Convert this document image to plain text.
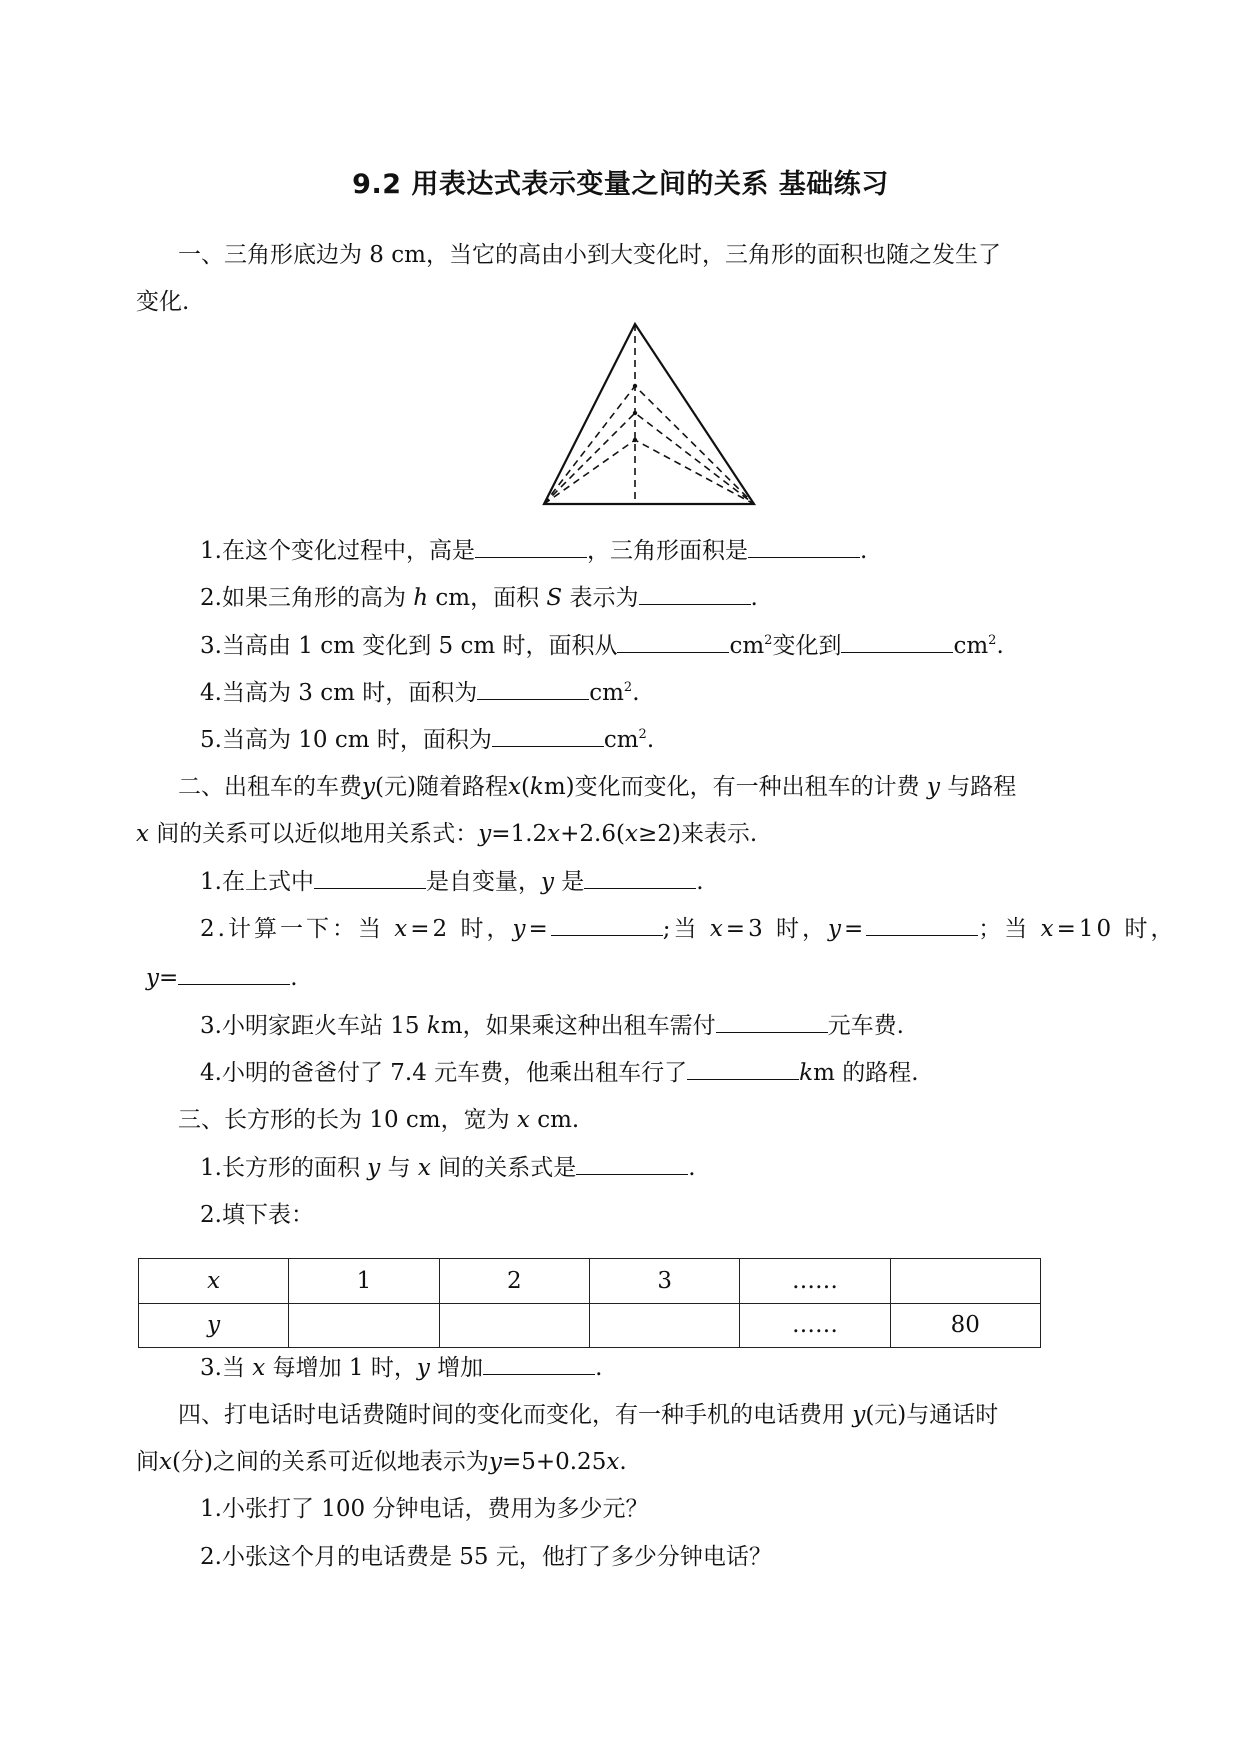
9.2 用表达式表示变量之间的关系 基础练习
一、三角形底边为 8 cm，当它的高由小到大变化时，三角形的面积也随之发生了
变化.
1.在这个变化过程中，高是	，三角形面积是	.
2.如果三角形的高为 h cm，面积 S 表示为	.
3.当高由 1 cm 变化到 5 cm 时，面积从	$cm^2$变化到	$cm^2$.
4.当高为 3 cm 时，面积为	$cm^2$.
5.当高为 10 cm 时，面积为	$cm^2$.
二、出租车的车费y(元)随着路程x(km)变化而变化，有一种出租车的计费 y 与路程
x 间的关系可以近似地用关系式：y=1.2x+2.6(x≥2)来表示.
1.在上式中	是自变量，y 是	.
2.计算一下：当 x=2 时，y=	;当 x=3 时，y=	；当 x=10 时，
y=	.
3.小明家距火车站 15 km，如果乘这种出租车需付	元车费.
4.小明的爸爸付了 7.4 元车费，他乘出租车行了	km 的路程.
三、长方形的长为 10 cm，宽为 x cm.
1.长方形的面积 y 与 x 间的关系式是	.
2.填下表：
x	1	2	3	……	
y				……	80
3.当 x 每增加 1 时，y 增加	.
四、打电话时电话费随时间的变化而变化，有一种手机的电话费用 y(元)与通话时
间x(分)之间的关系可近似地表示为y=5+0.25x.
1.小张打了 100 分钟电话，费用为多少元？
2.小张这个月的电话费是 55 元，他打了多少分钟电话？
